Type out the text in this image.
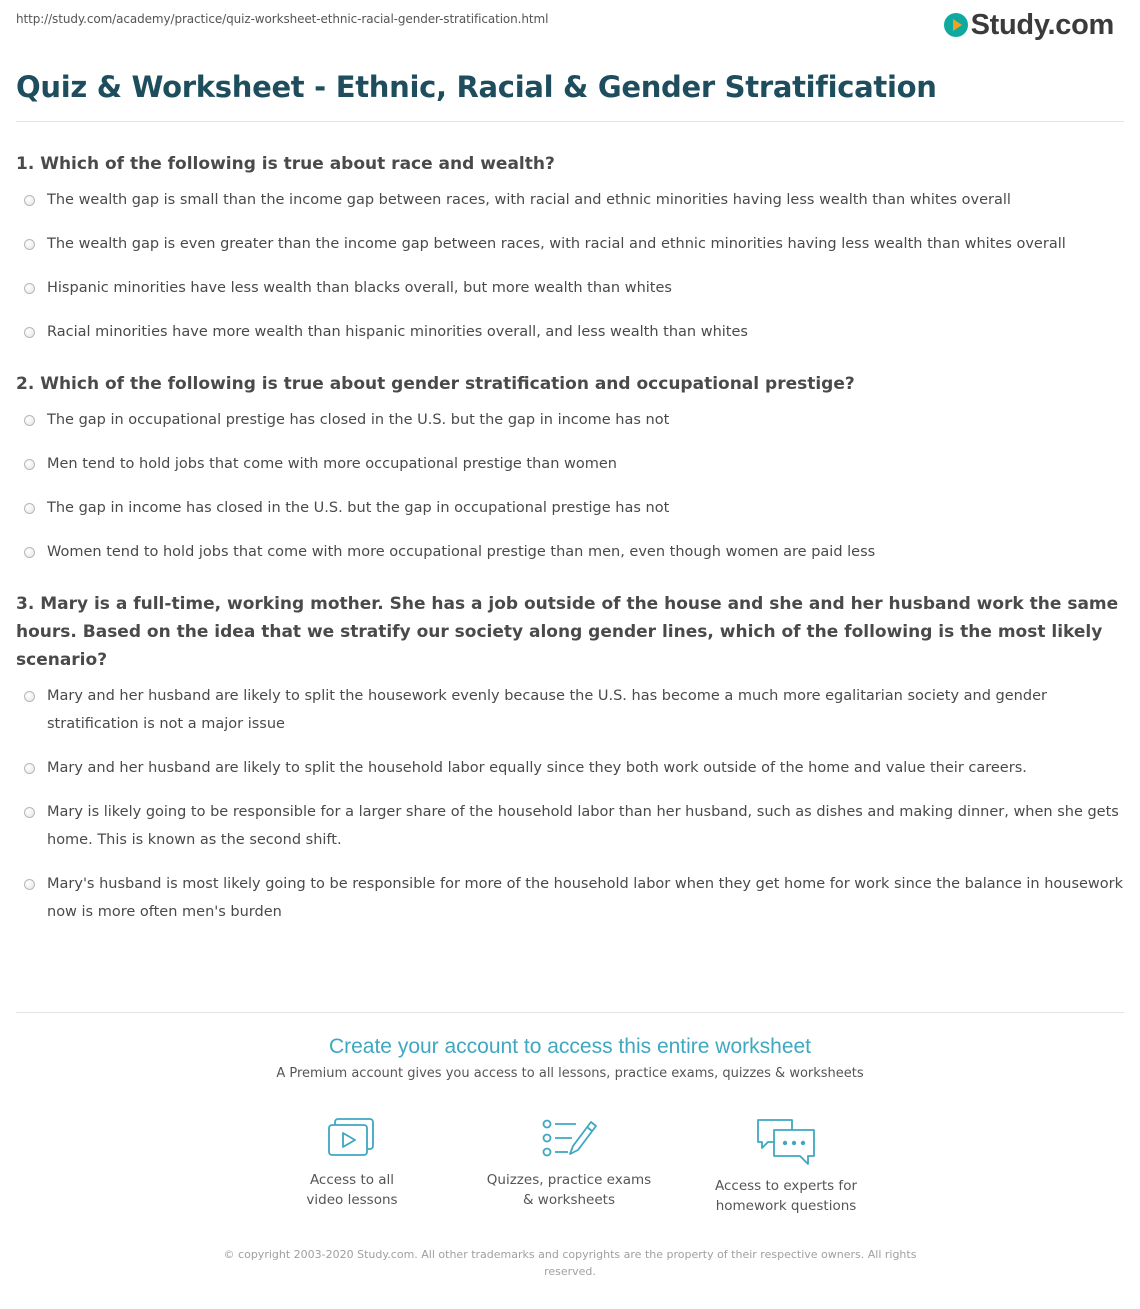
http://study.com/academy/practice/quiz-worksheet-ethnic-racial-gender-stratification.html	Study.com
Quiz & Worksheet - Ethnic, Racial & Gender Stratification

1. Which of the following is true about race and wealth?

The wealth gap is small than the income gap between races, with racial and ethnic minorities having less wealth than whites overall
The wealth gap is even greater than the income gap between races, with racial and ethnic minorities having less wealth than whites overall
Hispanic minorities have less wealth than blacks overall, but more wealth than whites
Racial minorities have more wealth than hispanic minorities overall, and less wealth than whites

2. Which of the following is true about gender stratification and occupational prestige?

The gap in occupational prestige has closed in the U.S. but the gap in income has not
Men tend to hold jobs that come with more occupational prestige than women
The gap in income has closed in the U.S. but the gap in occupational prestige has not
Women tend to hold jobs that come with more occupational prestige than men, even though women are paid less

3. Mary is a full-time, working mother. She has a job outside of the house and she and her husband work the same hours. Based on the idea that we stratify our society along gender lines, which of the following is the most likely scenario?

Mary and her husband are likely to split the housework evenly because the U.S. has become a much more egalitarian society and gender stratification is not a major issue
Mary and her husband are likely to split the household labor equally since they both work outside of the home and value their careers.
Mary is likely going to be responsible for a larger share of the household labor than her husband, such as dishes and making dinner, when she gets home. This is known as the second shift.
Mary's husband is most likely going to be responsible for more of the household labor when they get home for work since the balance in housework now is more often men's burden
Create your account to access this entire worksheet
A Premium account gives you access to all lessons, practice exams, quizzes & worksheets
Access to all
video lessons
Quizzes, practice exams
& worksheets
Access to experts for
homework questions
© copyright 2003-2020 Study.com. All other trademarks and copyrights are the property of their respective owners. All rights
reserved.
